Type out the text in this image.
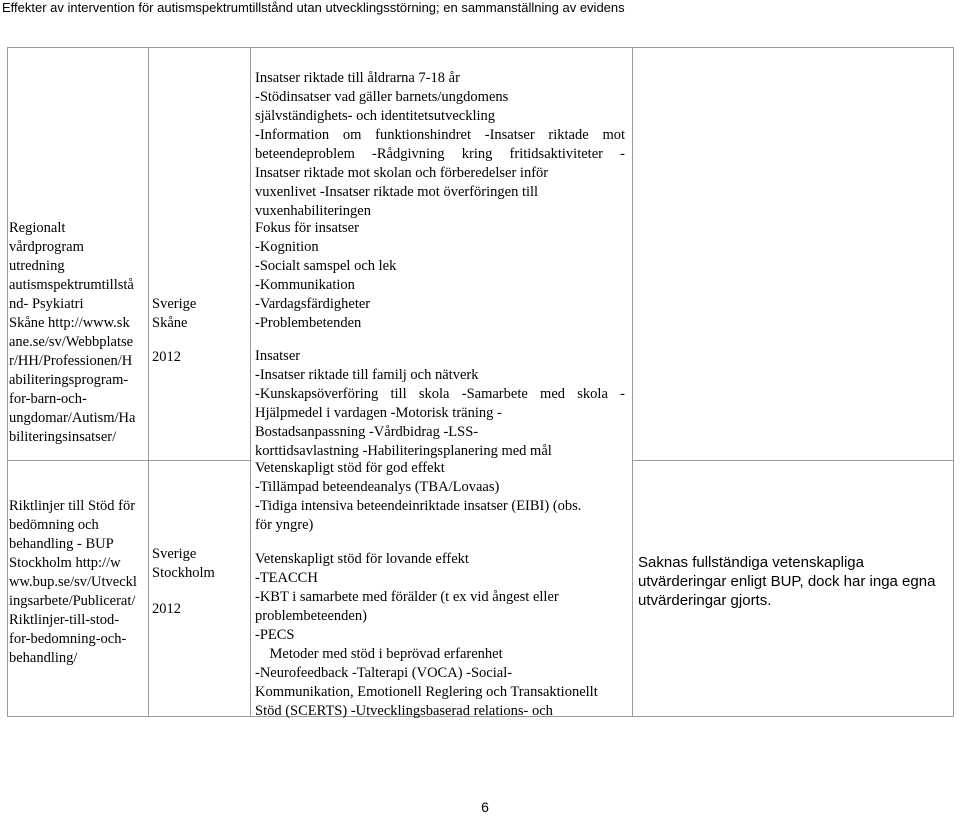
Effekter av intervention för autismspektrumtillstånd utan utvecklingsstörning; en sammanställning av evidens
Regionalt
vårdprogram
utredning
autismspektrumtillstå
nd- Psykiatri
Skåne http://www.sk
ane.se/sv/Webbplatse
r/HH/Professionen/H
abiliteringsprogram-
for-barn-och-
ungdomar/Autism/Ha
biliteringsinsatser/
Sverige
Skåne
2012
Riktlinjer till Stöd för
bedömning och
behandling - BUP
Stockholm http://w
ww.bup.se/sv/Utveckl
ingsarbete/Publicerat/
Riktlinjer-till-stod-
for-bedomning-och-
behandling/
Sverige
Stockholm
2012
Insatser riktade till åldrarna 7-18 år
-Stödinsatser vad gäller barnets/ungdomens
självständighets- och identitetsutveckling
-Information om funktionshindret -Insatser riktade mot
beteendeproblem -Rådgivning kring fritidsaktiviteter -
Insatser riktade mot skolan och förberedelser inför
vuxenlivet -Insatser riktade mot överföringen till
vuxenhabiliteringen
Fokus för insatser
-Kognition
-Socialt samspel och lek
-Kommunikation
-Vardagsfärdigheter
-Problembetenden
Insatser
-Insatser riktade till familj och nätverk
-Kunskapsöverföring till skola -Samarbete med skola -
Hjälpmedel i vardagen -Motorisk träning -
Bostadsanpassning -Vårdbidrag -LSS-
korttidsavlastning -Habiliteringsplanering med mål
Vetenskapligt stöd för god effekt
-Tillämpad beteendeanalys (TBA/Lovaas)
-Tidiga intensiva beteendeinriktade insatser (EIBI) (obs.
för yngre)
Vetenskapligt stöd för lovande effekt
-TEACCH
-KBT i samarbete med förälder (t ex vid ångest eller
problembeteenden)
-PECS
Metoder med stöd i beprövad erfarenhet
-Neurofeedback -Talterapi (VOCA) -Social-
Kommunikation, Emotionell Reglering och Transaktionellt
Stöd (SCERTS) -Utvecklingsbaserad relations- och
Saknas fullständiga vetenskapliga utvärderingar enligt BUP, dock har inga egna utvärderingar gjorts.
6
